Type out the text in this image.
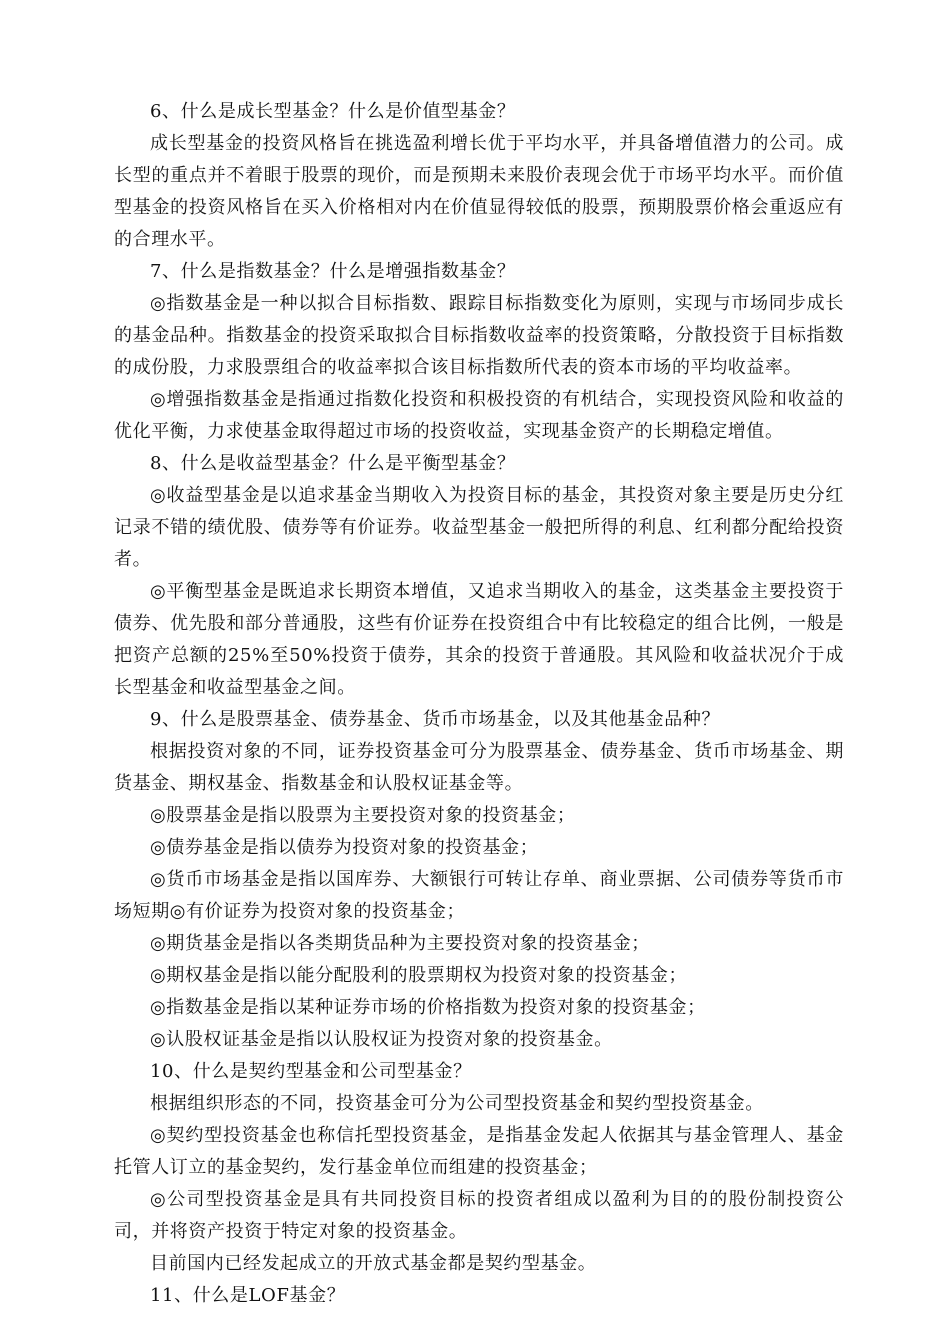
6、什么是成长型基金？什么是价值型基金？

成长型基金的投资风格旨在挑选盈利增长优于平均水平，并具备增值潜力的公司。成长型的重点并不着眼于股票的现价，而是预期未来股价表现会优于市场平均水平。而价值型基金的投资风格旨在买入价格相对内在价值显得较低的股票，预期股票价格会重返应有的合理水平。

7、什么是指数基金？什么是增强指数基金？

◎指数基金是一种以拟合目标指数、跟踪目标指数变化为原则，实现与市场同步成长的基金品种。指数基金的投资采取拟合目标指数收益率的投资策略，分散投资于目标指数的成份股，力求股票组合的收益率拟合该目标指数所代表的资本市场的平均收益率。

◎增强指数基金是指通过指数化投资和积极投资的有机结合，实现投资风险和收益的优化平衡，力求使基金取得超过市场的投资收益，实现基金资产的长期稳定增值。

8、什么是收益型基金？什么是平衡型基金？

◎收益型基金是以追求基金当期收入为投资目标的基金，其投资对象主要是历史分红记录不错的绩优股、债券等有价证券。收益型基金一般把所得的利息、红利都分配给投资者。

◎平衡型基金是既追求长期资本增值，又追求当期收入的基金，这类基金主要投资于债券、优先股和部分普通股，这些有价证券在投资组合中有比较稳定的组合比例，一般是把资产总额的25%至50%投资于债券，其余的投资于普通股。其风险和收益状况介于成长型基金和收益型基金之间。

9、什么是股票基金、债券基金、货币市场基金，以及其他基金品种？

根据投资对象的不同，证券投资基金可分为股票基金、债券基金、货币市场基金、期货基金、期权基金、指数基金和认股权证基金等。

◎股票基金是指以股票为主要投资对象的投资基金；

◎债券基金是指以债券为投资对象的投资基金；

◎货币市场基金是指以国库券、大额银行可转让存单、商业票据、公司债券等货币市场短期◎有价证券为投资对象的投资基金；

◎期货基金是指以各类期货品种为主要投资对象的投资基金；

◎期权基金是指以能分配股利的股票期权为投资对象的投资基金；

◎指数基金是指以某种证券市场的价格指数为投资对象的投资基金；

◎认股权证基金是指以认股权证为投资对象的投资基金。

10、什么是契约型基金和公司型基金？

根据组织形态的不同，投资基金可分为公司型投资基金和契约型投资基金。

◎契约型投资基金也称信托型投资基金，是指基金发起人依据其与基金管理人、基金托管人订立的基金契约，发行基金单位而组建的投资基金；

◎公司型投资基金是具有共同投资目标的投资者组成以盈利为目的的股份制投资公司，并将资产投资于特定对象的投资基金。

目前国内已经发起成立的开放式基金都是契约型基金。

11、什么是LOF基金？
